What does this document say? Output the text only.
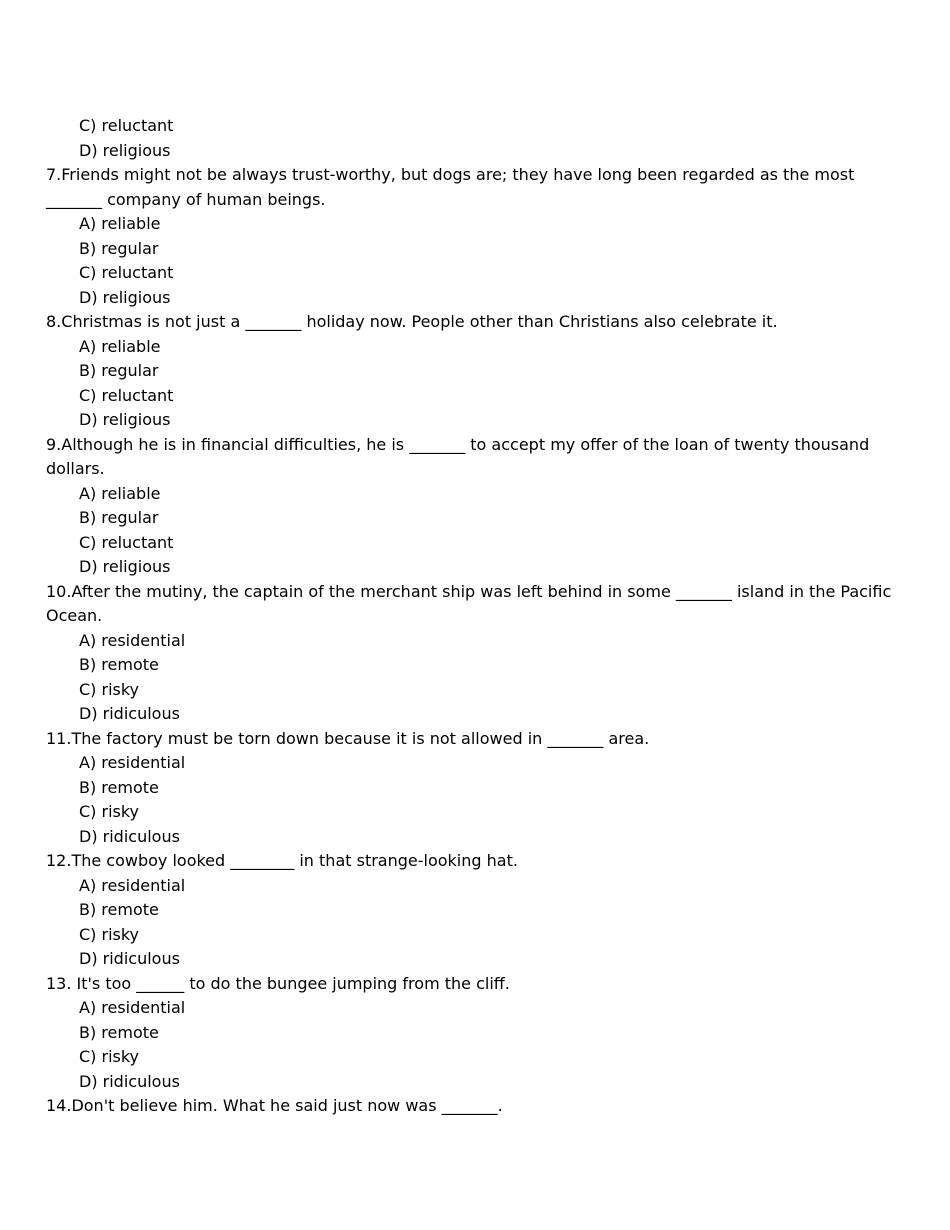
C) reluctant
D) religious
7.Friends might not be always trust-worthy, but dogs are; they have long been regarded as the most _______ company of human beings.
A) reliable
B) regular
C) reluctant
D) religious
8.Christmas is not just a _______ holiday now. People other than Christians also celebrate it.
A) reliable
B) regular
C) reluctant
D) religious
9.Although he is in financial difficulties, he is _______ to accept my offer of the loan of twenty thousand dollars.
A) reliable
B) regular
C) reluctant
D) religious
10.After the mutiny, the captain of the merchant ship was left behind in some _______ island in the Pacific Ocean.
A) residential
B) remote
C) risky
D) ridiculous
11.The factory must be torn down because it is not allowed in _______ area.
A) residential
B) remote
C) risky
D) ridiculous
12.The cowboy looked ________ in that strange-looking hat.
A) residential
B) remote
C) risky
D) ridiculous
13. It's too ______ to do the bungee jumping from the cliff.
A) residential
B) remote
C) risky
D) ridiculous
14.Don't believe him. What he said just now was _______.
